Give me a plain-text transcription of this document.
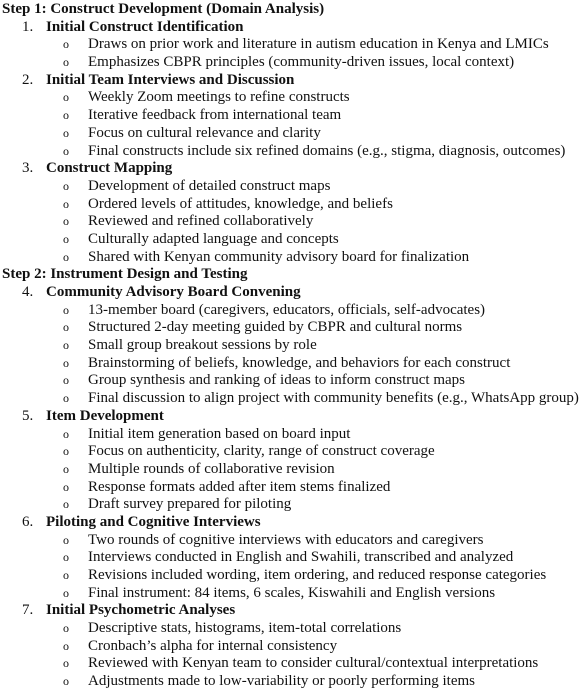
Step 1: Construct Development (Domain Analysis)
1. Initial Construct Identification
o	Draws on prior work and literature in autism education in Kenya and LMICs
o	Emphasizes CBPR principles (community-driven issues, local context)
2. Initial Team Interviews and Discussion
o	Weekly Zoom meetings to refine constructs
o	Iterative feedback from international team
o	Focus on cultural relevance and clarity
o	Final constructs include six refined domains (e.g., stigma, diagnosis, outcomes)
3. Construct Mapping
o	Development of detailed construct maps
o	Ordered levels of attitudes, knowledge, and beliefs
o	Reviewed and refined collaboratively
o	Culturally adapted language and concepts
o	Shared with Kenyan community advisory board for finalization
Step 2: Instrument Design and Testing
4. Community Advisory Board Convening
o	13-member board (caregivers, educators, officials, self-advocates)
o	Structured 2-day meeting guided by CBPR and cultural norms
o	Small group breakout sessions by role
o	Brainstorming of beliefs, knowledge, and behaviors for each construct
o	Group synthesis and ranking of ideas to inform construct maps
o	Final discussion to align project with community benefits (e.g., WhatsApp group)
5. Item Development
o	Initial item generation based on board input
o	Focus on authenticity, clarity, range of construct coverage
o	Multiple rounds of collaborative revision
o	Response formats added after item stems finalized
o	Draft survey prepared for piloting
6. Piloting and Cognitive Interviews
o	Two rounds of cognitive interviews with educators and caregivers
o	Interviews conducted in English and Swahili, transcribed and analyzed
o	Revisions included wording, item ordering, and reduced response categories
o	Final instrument: 84 items, 6 scales, Kiswahili and English versions
7. Initial Psychometric Analyses
o	Descriptive stats, histograms, item-total correlations
o	Cronbach’s alpha for internal consistency
o	Reviewed with Kenyan team to consider cultural/contextual interpretations
o	Adjustments made to low-variability or poorly performing items
